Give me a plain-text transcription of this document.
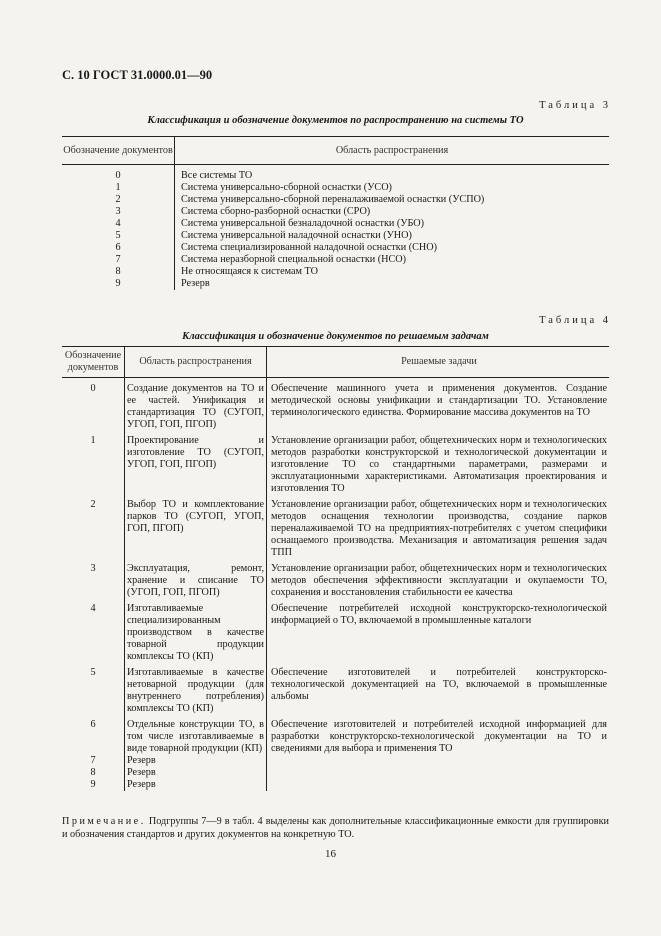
С. 10 ГОСТ 31.0000.01—90
Таблица 3
Классификация и обозначение документов по распространению на системы ТО
Обозначение документов	Область распространения
0	Все системы ТО
1	Система универсально-сборной оснастки (УСО)
2	Система универсально-сборной переналаживаемой оснастки (УСПО)
3	Система сборно-разборной оснастки (СРО)
4	Система универсальной безналадочной оснастки (УБО)
5	Система универсальной наладочной оснастки (УНО)
6	Система специализированной наладочной оснастки (СНО)
7	Система неразборной специальной оснастки (НСО)
8	Не относящаяся к системам ТО
9	Резерв
Таблица 4
Классификация и обозначение документов по решаемым задачам
Обозначение документов	Область распространения	Решаемые задачи
0	Создание документов на ТО и ее частей. Унификация и стандартизация ТО (СУГОП, УГОП, ГОП, ПГОП)	Обеспечение машинного учета и применения документов. Создание методической основы унификации и стандартизации ТО. Установление терминологического единства. Формирование массива документов на ТО
1	Проектирование и изготовление ТО (СУГОП, УГОП, ГОП, ПГОП)	Установление организации работ, общетехнических норм и технологических методов разработки конструкторской и технологической документации и изготовление ТО со стандартными параметрами, размерами и эксплуатационными характеристиками. Автоматизация проектирования и изготовления ТО
2	Выбор ТО и комплектование парков ТО (СУГОП, УГОП, ГОП, ПГОП)	Установление организации работ, общетехнических норм и технологических методов оснащения технологии производства, создание парков переналаживаемой ТО на предприятиях-потребителях с учетом специфики оснащаемого производства. Механизация и автоматизация решения задач ТПП
3	Эксплуатация, ремонт, хранение и списание ТО (УГОП, ГОП, ПГОП)	Установление организации работ, общетехнических норм и технологических методов обеспечения эффективности эксплуатации и окупаемости ТО, сохранения и восстановления стабильности ее качества
4	Изготавливаемые специализированным производством в качестве товарной продукции комплексы ТО (КП)	Обеспечение потребителей исходной конструкторско-технологической информацией о ТО, включаемой в промышленные каталоги
5	Изготавливаемые в качестве нетоварной продукции (для внутреннего потребления) комплексы ТО (КП)	Обеспечение изготовителей и потребителей конструкторско-технологической документацией на ТО, включаемой в промышленные альбомы
6	Отдельные конструкции ТО, в том числе изготавливаемые в виде товарной продукции (КП)	Обеспечение изготовителей и потребителей исходной информацией для разработки конструкторско-технологической документации на ТО и сведениями для выбора и применения ТО
7	Резерв	
8	Резерв	
9	Резерв	
Примечание. Подгруппы 7—9 в табл. 4 выделены как дополнительные классификационные емкости для группировки и обозначения стандартов и других документов на конкретную ТО.
16
